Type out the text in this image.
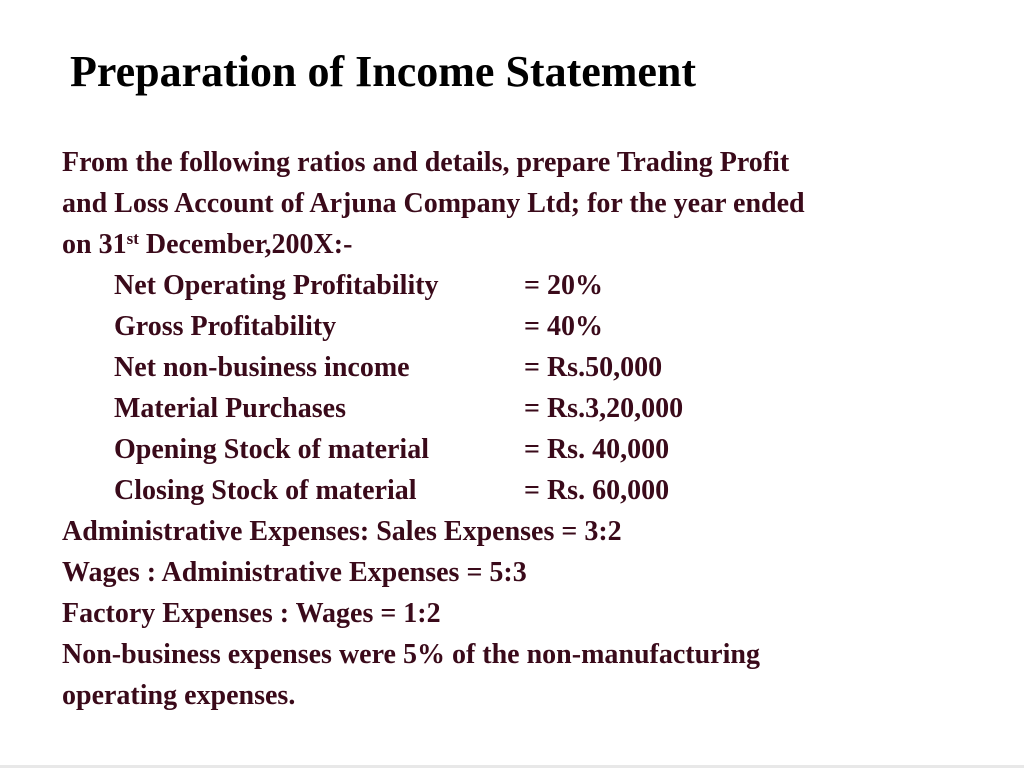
Preparation of Income Statement
From the following ratios and details, prepare Trading Profit
and Loss Account of Arjuna Company Ltd; for the year ended
on 31st December,200X:-
Net Operating Profitability	= 20%
Gross Profitability	= 40%
Net non-business income	= Rs.50,000
Material Purchases	= Rs.3,20,000
Opening Stock of material	= Rs. 40,000
Closing Stock of material	= Rs. 60,000
Administrative Expenses: Sales Expenses = 3:2
Wages : Administrative Expenses = 5:3
Factory Expenses : Wages = 1:2
Non-business expenses were 5% of the non-manufacturing
operating expenses.
